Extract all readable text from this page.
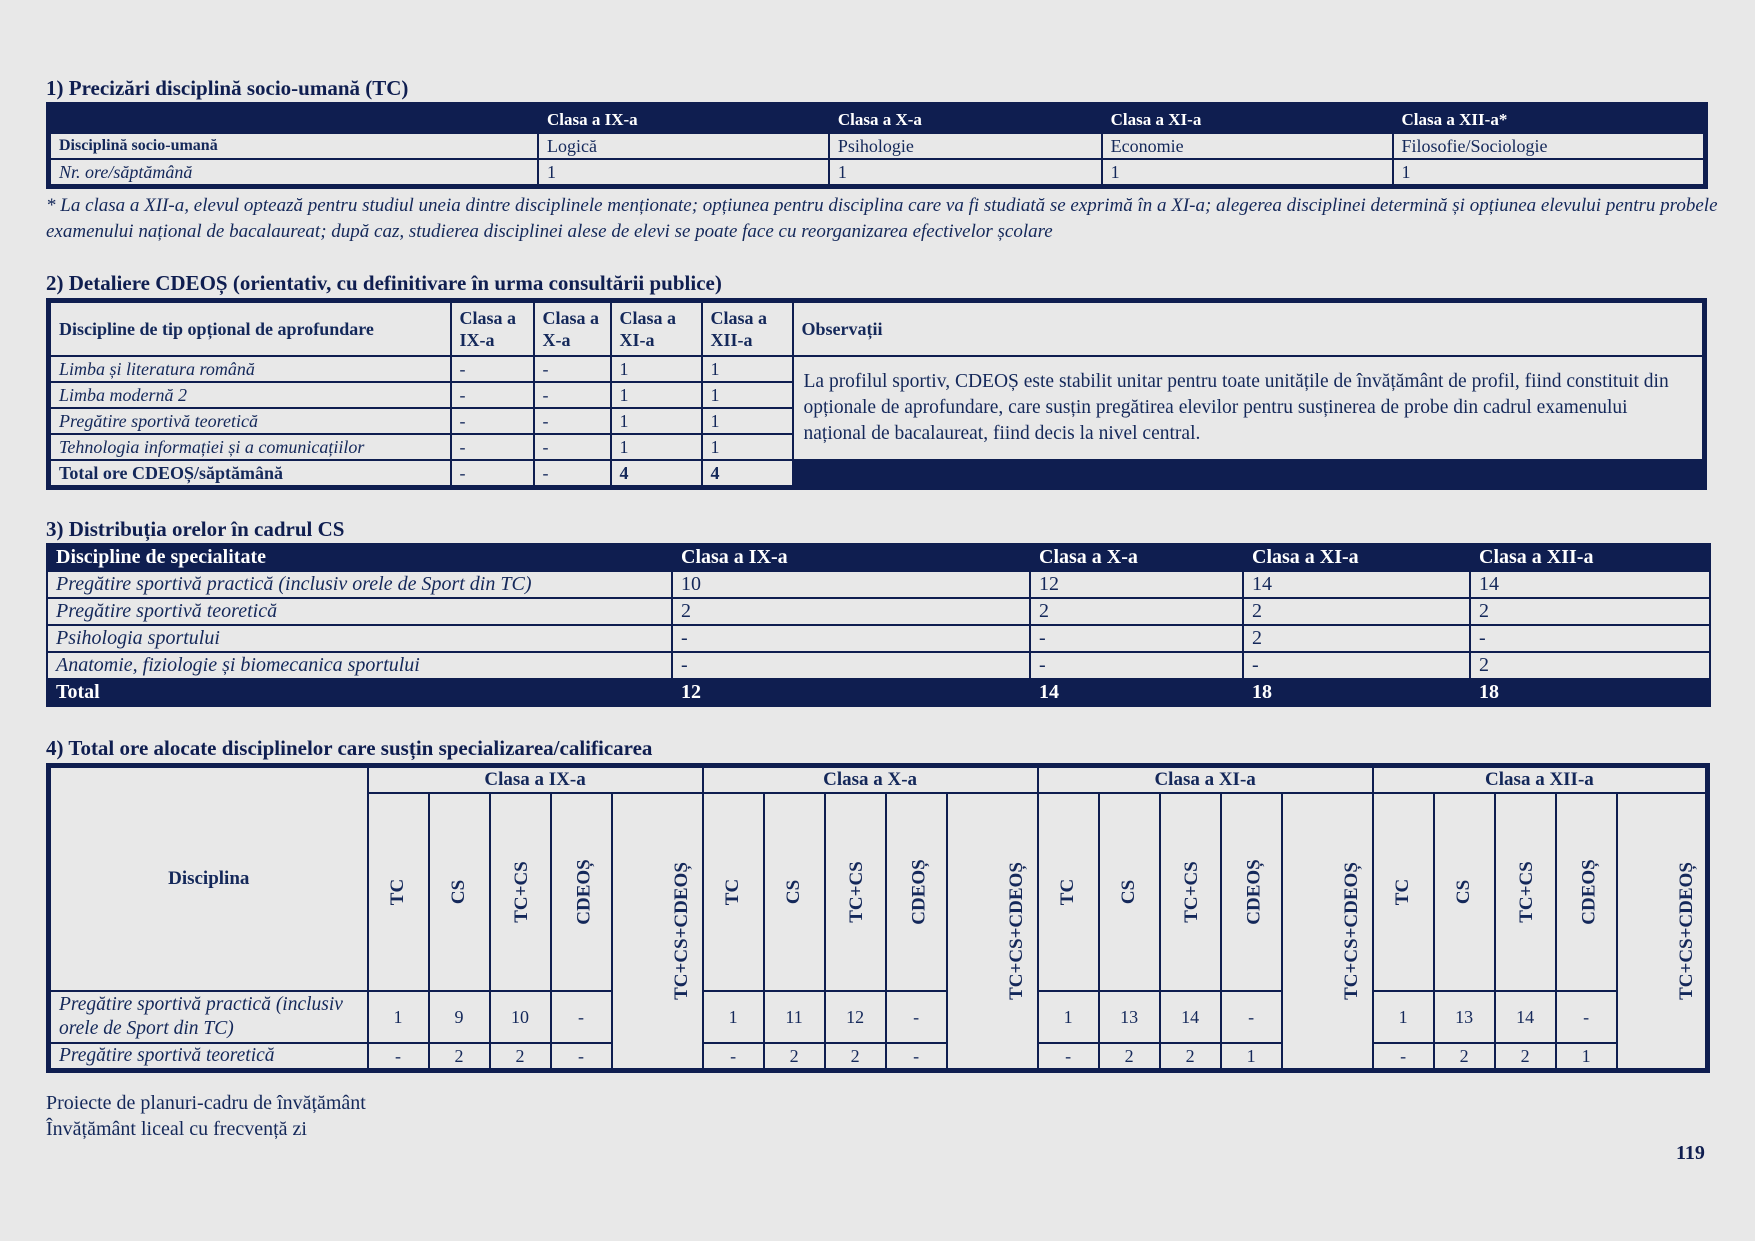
1) Precizări disciplină socio-umană (TC)
	Clasa a IX-a	Clasa a X-a	Clasa a XI-a	Clasa a XII-a*
Disciplină socio-umană	Logică	Psihologie	Economie	Filosofie/Sociologie
Nr. ore/săptămână	1	1	1	1
* La clasa a XII-a, elevul optează pentru studiul uneia dintre disciplinele menționate; opțiunea pentru disciplina care va fi studiată se exprimă în a XI-a; alegerea disciplinei determină și opțiunea elevului pentru probele examenului național de bacalaureat; după caz, studierea disciplinei alese de elevi se poate face cu reorganizarea efectivelor școlare
2) Detaliere CDEOȘ (orientativ, cu definitivare în urma consultării publice)
Discipline de tip opțional de aprofundare	Clasa a IX-a	Clasa a X-a	Clasa a XI-a	Clasa a XII-a	Observații
Limba și literatura română	-	-	1	1	La profilul sportiv, CDEOȘ este stabilit unitar pentru toate unitățile de învățământ de profil, fiind constituit din opționale de aprofundare, care susțin pregătirea elevilor pentru susținerea de probe din cadrul examenului național de bacalaureat, fiind decis la nivel central.
Limba modernă 2	-	-	1	1	
Pregătire sportivă teoretică	-	-	1	1	
Tehnologia informației și a comunicațiilor	-	-	1	1	
Total ore CDEOȘ/săptămână	-	-	4	4	
3) Distribuția orelor în cadrul CS
Discipline de specialitate	Clasa a IX-a	Clasa a X-a	Clasa a XI-a	Clasa a XII-a
Pregătire sportivă practică (inclusiv orele de Sport din TC)	10	12	14	14
Pregătire sportivă teoretică	2	2	2	2
Psihologia sportului	-	-	2	-
Anatomie, fiziologie și biomecanica sportului	-	-	-	2
Total	12	14	18	18
4) Total ore alocate disciplinelor care susțin specializarea/calificarea
Disciplina	Clasa a IX-a					Clasa a X-a					Clasa a XI-a					Clasa a XII-a				
	TC	CS	TC+CS	CDEOȘ	TC+CS+CDEOȘ	TC	CS	TC+CS	CDEOȘ	TC+CS+CDEOȘ	TC	CS	TC+CS	CDEOȘ	TC+CS+CDEOȘ	TC	CS	TC+CS	CDEOȘ	TC+CS+CDEOȘ
Pregătire sportivă practică (inclusiv orele de Sport din TC)	1	9	10	-		1	11	12	-		1	13	14	-		1	13	14	-	
Pregătire sportivă teoretică	-	2	2	-		-	2	2	-		-	2	2	1		-	2	2	1	
Proiecte de planuri-cadru de învățământ
Învățământ liceal cu frecvență zi
119
